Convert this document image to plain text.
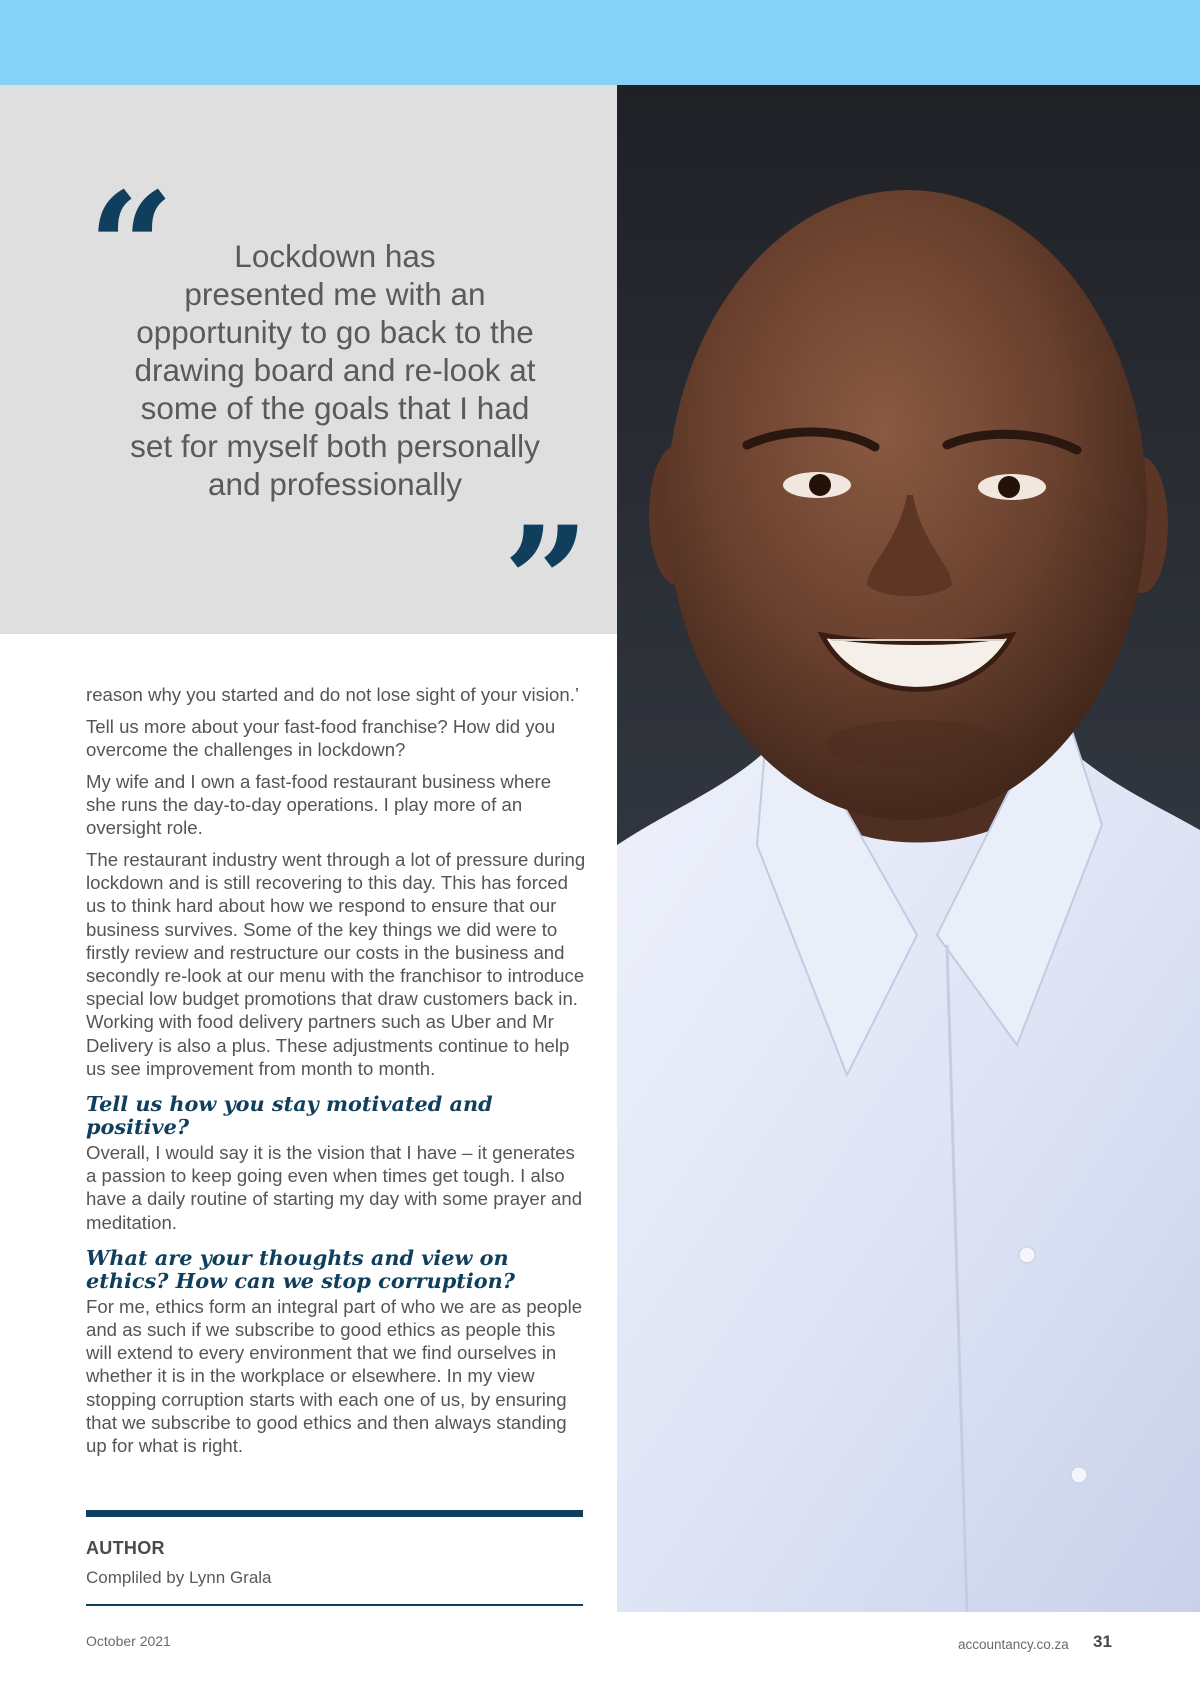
“	Lockdown has
presented me with an
opportunity to go back to the
drawing board and re-look at
some of the goals that I had
set for myself both personally
and professionally

”

reason why you started and do not lose sight of your vision.’

Tell us more about your fast-food franchise? How did you overcome the challenges in lockdown?

My wife and I own a fast-food restaurant business where she runs the day-to-day operations. I play more of an oversight role.

The restaurant industry went through a lot of pressure during lockdown and is still recovering to this day. This has forced us to think hard about how we respond to ensure that our business survives. Some of the key things we did were to firstly review and restructure our costs in the business and secondly re-look at our menu with the franchisor to introduce special low budget promotions that draw customers back in. Working with food delivery partners such as Uber and Mr Delivery is also a plus. These adjustments continue to help us see improvement from month to month.

Tell us how you stay motivated and positive?

Overall, I would say it is the vision that I have – it generates a passion to keep going even when times get tough. I also have a daily routine of starting my day with some prayer and meditation.

What are your thoughts and view on ethics? How can we stop corruption?

For me, ethics form an integral part of who we are as people and as such if we subscribe to good ethics as people this will extend to every environment that we find ourselves in whether it is in the workplace or elsewhere. In my view stopping corruption starts with each one of us, by ensuring that we subscribe to good ethics and then always standing up for what is right.

AUTHOR
Compliled by Lynn Grala
October 2021	accountancy.co.za 31
